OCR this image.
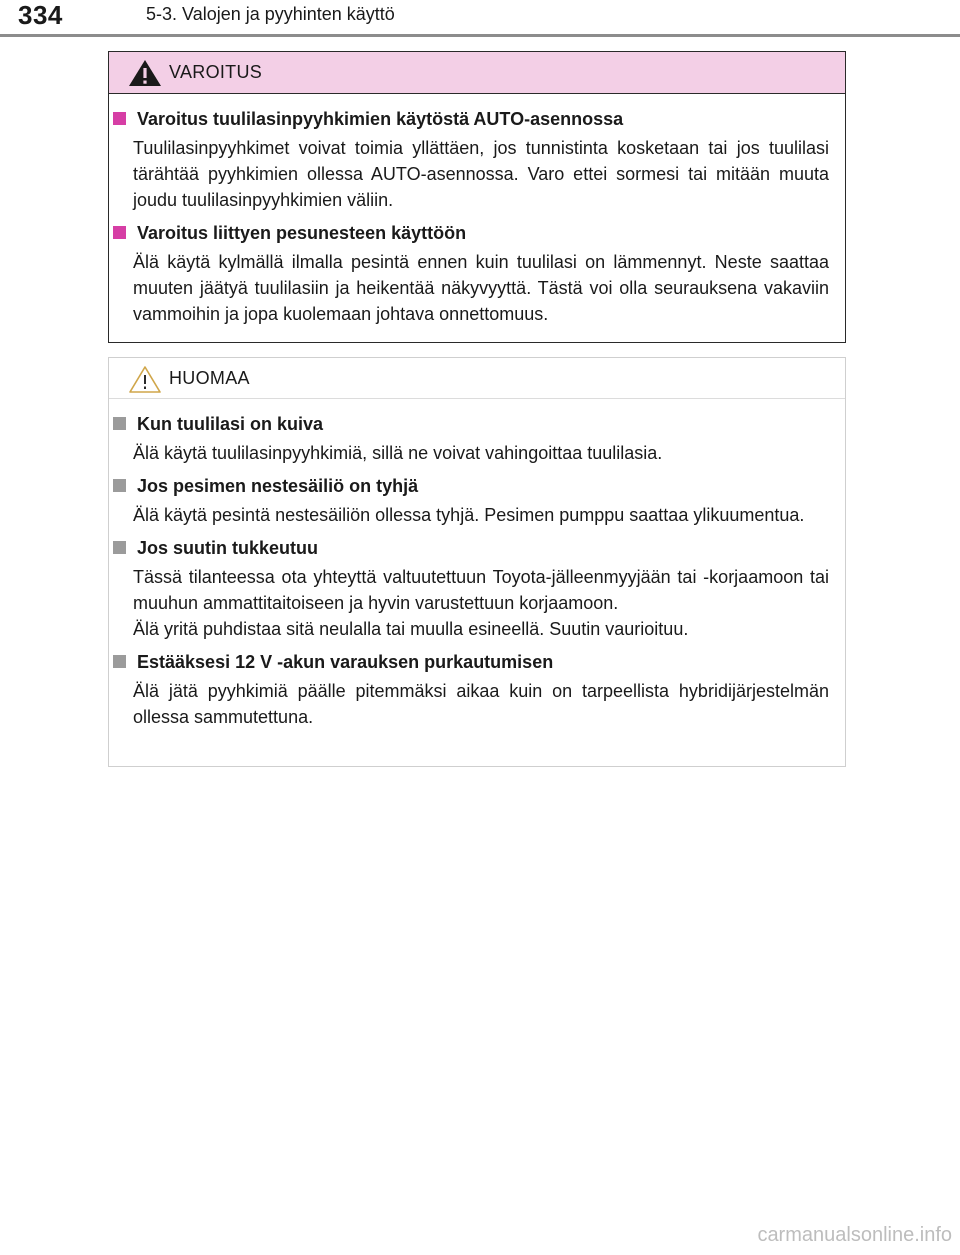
334	5-3. Valojen ja pyyhinten käyttö
VAROITUS
Varoitus tuulilasinpyyhkimien käytöstä AUTO-asennossa

Tuulilasinpyyhkimet voivat toimia yllättäen, jos tunnistinta kosketaan tai jos tuulilasi tärähtää pyyhkimien ollessa AUTO-asennossa. Varo ettei sormesi tai mitään muuta joudu tuulilasinpyyhkimien väliin.

Varoitus liittyen pesunesteen käyttöön

Älä käytä kylmällä ilmalla pesintä ennen kuin tuulilasi on lämmennyt. Neste saattaa muuten jäätyä tuulilasiin ja heikentää näkyvyyttä. Tästä voi olla seurauksena vakaviin vammoihin ja jopa kuolemaan johtava onnettomuus.

HUOMAA
Kun tuulilasi on kuiva

Älä käytä tuulilasinpyyhkimiä, sillä ne voivat vahingoittaa tuulilasia.

Jos pesimen nestesäiliö on tyhjä

Älä käytä pesintä nestesäiliön ollessa tyhjä. Pesimen pumppu saattaa ylikuumentua.

Jos suutin tukkeutuu

Tässä tilanteessa ota yhteyttä valtuutettuun Toyota-jälleenmyyjään tai -korjaamoon tai muuhun ammattitaitoiseen ja hyvin varustettuun korjaamoon.

Älä yritä puhdistaa sitä neulalla tai muulla esineellä. Suutin vaurioituu.

Estääksesi 12 V -akun varauksen purkautumisen

Älä jätä pyyhkimiä päälle pitemmäksi aikaa kuin on tarpeellista hybridijärjestelmän ollessa sammutettuna.

carmanualsonline.info
